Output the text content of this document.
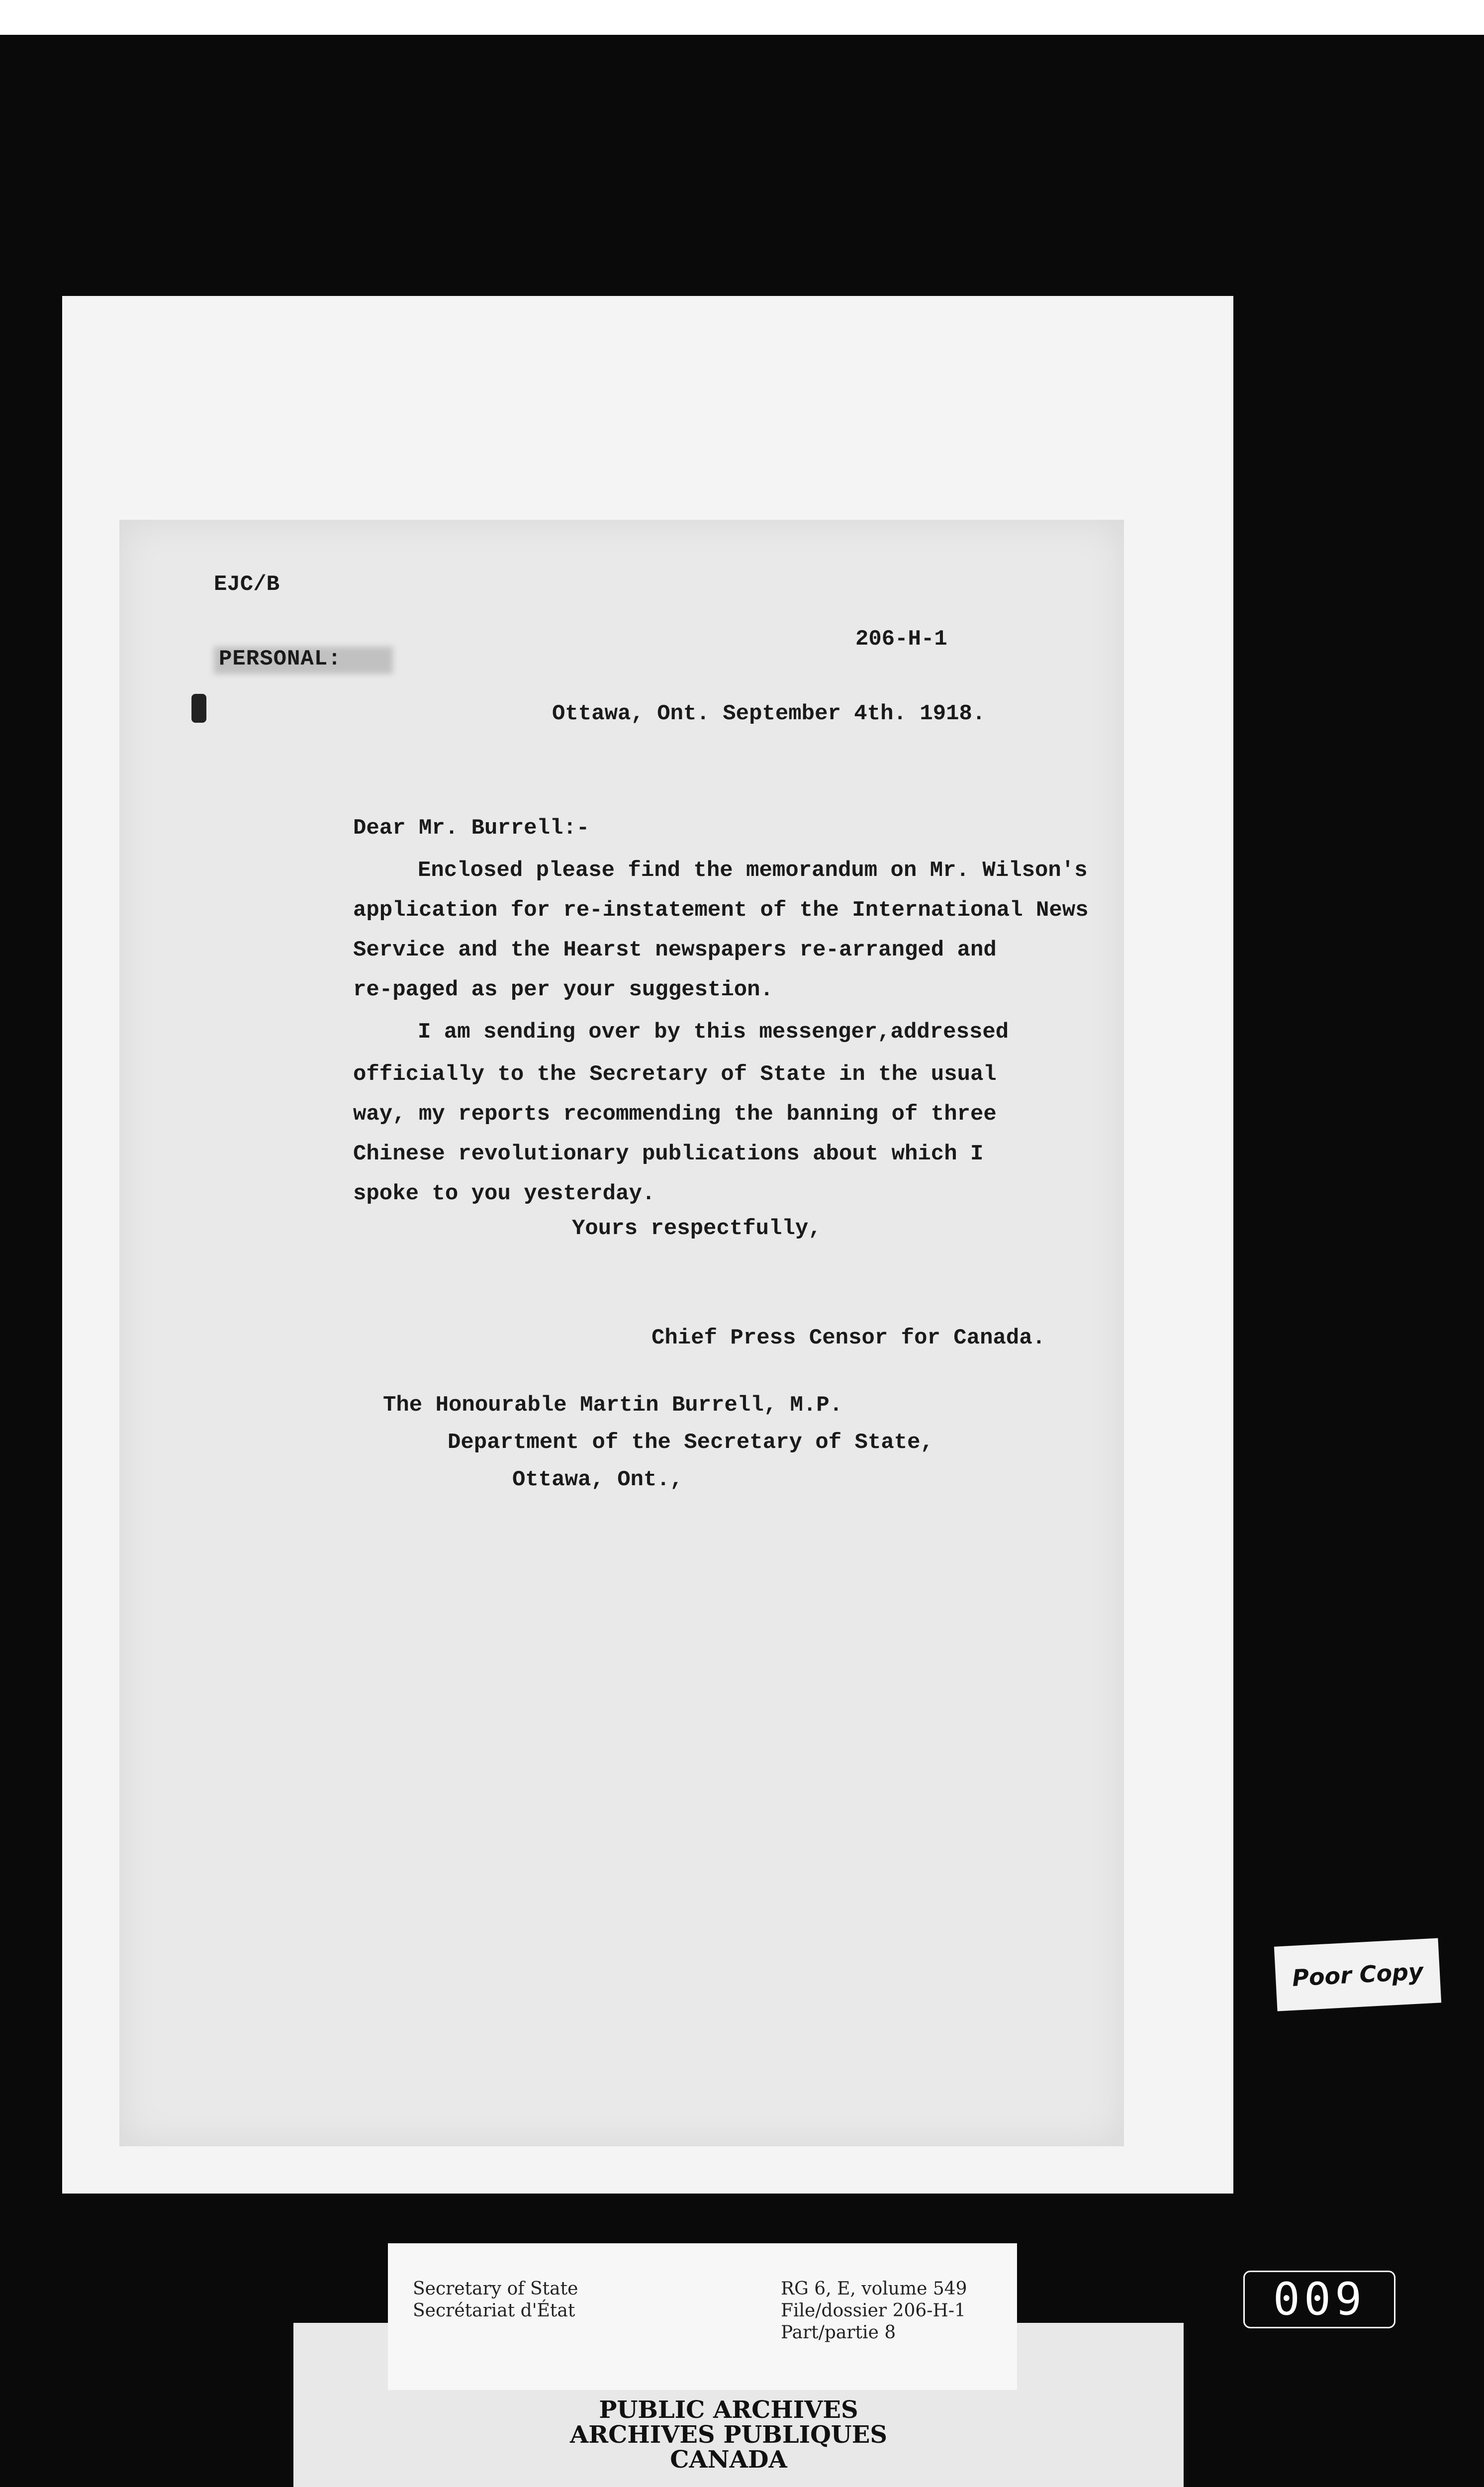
EJC/B
206-H-1
PERSONAL:
Ottawa, Ont. September 4th. 1918.
Dear Mr. Burrell:-
Enclosed please find the memorandum on Mr. Wilson's
application for re-instatement of the International News
Service and the Hearst newspapers re-arranged and
re-paged as per your suggestion.
I am sending over by this messenger,addressed
officially to the Secretary of State in the usual
way, my reports recommending the banning of three
Chinese revolutionary publications about which I
spoke to you yesterday.
Yours respectfully,
Chief Press Censor for Canada.
The Honourable Martin Burrell, M.P.
Department of the Secretary of State,
Ottawa, Ont.,
Poor Copy
Secretary of State
Secrétariat d'État
RG 6, E, volume 549
File/dossier 206-H-1
Part/partie 8
PUBLIC ARCHIVES
ARCHIVES PUBLIQUES
CANADA
009
